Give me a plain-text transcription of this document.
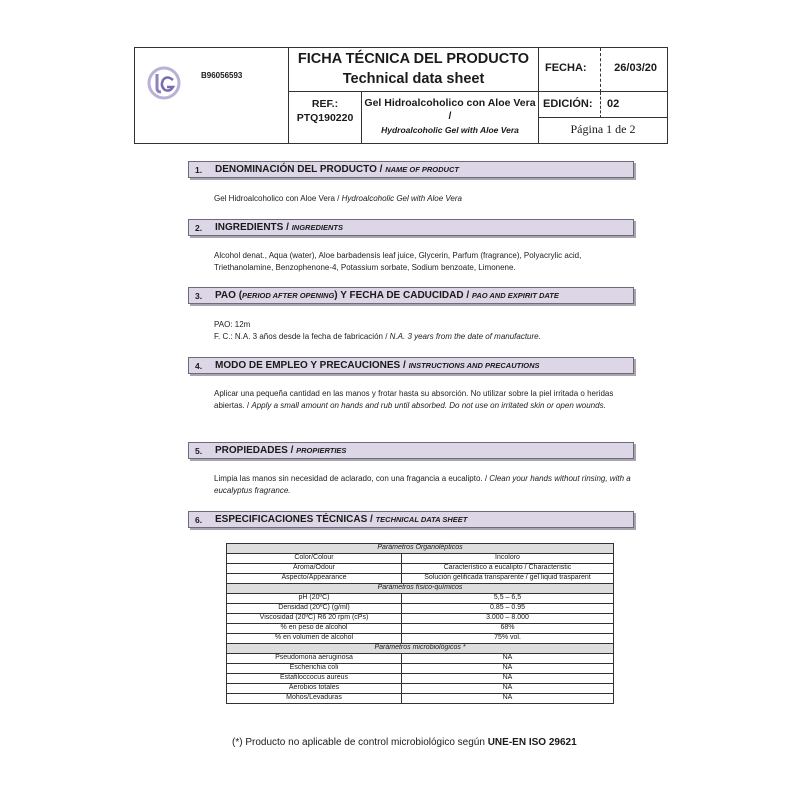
B96056593
FICHA TÉCNICA DEL PRODUCTO
Technical data sheet
FECHA:	26/03/20
REF.:
PTQ190220
Gel Hidroalcoholico con Aloe Vera /
Hydroalcoholic Gel with Aloe Vera
EDICIÓN: 02
Página 1 de 2
1. DENOMINACIÓN DEL PRODUCTO / NAME OF PRODUCT
Gel Hidroalcoholico con Aloe Vera / Hydroalcoholic Gel with Aloe Vera
2. INGREDIENTS / INGREDIENTS
Alcohol denat., Aqua (water), Aloe barbadensis leaf juice, Glycerin, Parfum (fragrance), Polyacrylic acid, Triethanolamine, Benzophenone-4, Potassium sorbate, Sodium benzoate, Limonene.
3. PAO (PERIOD AFTER OPENING) Y FECHA DE CADUCIDAD / PAO AND EXPIRIT DATE
PAO: 12m
F. C.: N.A. 3 años desde la fecha de fabricación / N.A. 3 years from the date of manufacture.
4. MODO DE EMPLEO Y PRECAUCIONES / INSTRUCTIONS AND PRECAUTIONS
Aplicar una pequeña cantidad en las manos y frotar hasta su absorción. No utilizar sobre la piel irritada o heridas abiertas. / Apply a small amount on hands and rub until absorbed. Do not use on irritated skin or open wounds.
5. PROPIEDADES / PROPIERTIES
Limpia las manos sin necesidad de aclarado, con una fragancia a eucalipto. / Clean your hands without rinsing, with a eucalyptus fragrance.
6. ESPECIFICACIONES TÉCNICAS / TECHNICAL DATA SHEET
Parámetros Organolépticos	
Color/Colour	Incoloro
Aroma/Odour	Característico a eucalipto / Characteristic
Aspecto/Appearance	Solución gelificada transparente / gel liquid trasparent
Parámetros físico-químicos	
pH (20ºC)	5,5 – 6,5
Densidad (20ºC) (g/ml)	0.85 – 0.95
Viscosidad (20ºC) R6 20 rpm (cPs)	3.000 – 8.000
% en peso de alcohol	68%
% en volumen de alcohol	75% vol.
Parámetros microbiológicos *	
Pseudomona aeruginosa	NA
Escherichia coli	NA
Estafiloccocus aureus	NA
Aerobios totales	NA
Mohos/Levaduras	NA
(*) Producto no aplicable de control microbiológico según UNE-EN ISO 29621
